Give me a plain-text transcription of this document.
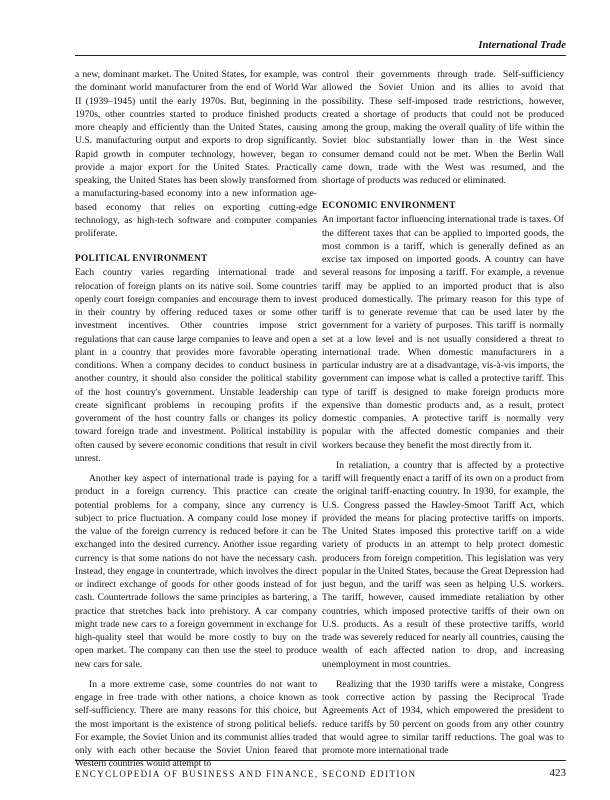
International Trade

a new, dominant market. The United States, for example, was the dominant world manufacturer from the end of World War II (1939–1945) until the early 1970s. But, beginning in the 1970s, other countries started to produce finished products more cheaply and efficiently than the United States, causing U.S. manufacturing output and exports to drop significantly. Rapid growth in computer technology, however, began to provide a major export for the United States. Practically speaking, the United States has been slowly transformed from a manufacturing-based economy into a new information age-based economy that relies on exporting cutting-edge technology, as high-tech software and computer companies proliferate.

POLITICAL ENVIRONMENT

Each country varies regarding international trade and relocation of foreign plants on its native soil. Some countries openly court foreign companies and encourage them to invest in their country by offering reduced taxes or some other investment incentives. Other countries impose strict regulations that can cause large companies to leave and open a plant in a country that provides more favorable operating conditions. When a company decides to conduct business in another country, it should also consider the political stability of the host country's government. Unstable leadership can create significant problems in recouping profits if the government of the host country falls or changes its policy toward foreign trade and investment. Political instability is often caused by severe economic conditions that result in civil unrest.

Another key aspect of international trade is paying for a product in a foreign currency. This practice can create potential problems for a company, since any currency is subject to price fluctuation. A company could lose money if the value of the foreign currency is reduced before it can be exchanged into the desired currency. Another issue regarding currency is that some nations do not have the necessary cash. Instead, they engage in countertrade, which involves the direct or indirect exchange of goods for other goods instead of for cash. Countertrade follows the same principles as bartering, a practice that stretches back into prehistory. A car company might trade new cars to a foreign government in exchange for high-quality steel that would be more costly to buy on the open market. The company can then use the steel to produce new cars for sale.

In a more extreme case, some countries do not want to engage in free trade with other nations, a choice known as self-sufficiency. There are many reasons for this choice, but the most important is the existence of strong political beliefs. For example, the Soviet Union and its communist allies traded only with each other because the Soviet Union feared that Western countries would attempt to

control their governments through trade. Self-sufficiency allowed the Soviet Union and its allies to avoid that possibility. These self-imposed trade restrictions, however, created a shortage of products that could not be produced among the group, making the overall quality of life within the Soviet bloc substantially lower than in the West since consumer demand could not be met. When the Berlin Wall came down, trade with the West was resumed, and the shortage of products was reduced or eliminated.

ECONOMIC ENVIRONMENT

An important factor influencing international trade is taxes. Of the different taxes that can be applied to imported goods, the most common is a tariff, which is generally defined as an excise tax imposed on imported goods. A country can have several reasons for imposing a tariff. For example, a revenue tariff may be applied to an imported product that is also produced domestically. The primary reason for this type of tariff is to generate revenue that can be used later by the government for a variety of purposes. This tariff is normally set at a low level and is not usually considered a threat to international trade. When domestic manufacturers in a particular industry are at a disadvantage, vis-à-vis imports, the government can impose what is called a protective tariff. This type of tariff is designed to make foreign products more expensive than domestic products and, as a result, protect domestic companies. A protective tariff is normally very popular with the affected domestic companies and their workers because they benefit the most directly from it.

In retaliation, a country that is affected by a protective tariff will frequently enact a tariff of its own on a product from the original tariff-enacting country. In 1930, for example, the U.S. Congress passed the Hawley-Smoot Tariff Act, which provided the means for placing protective tariffs on imports. The United States imposed this protective tariff on a wide variety of products in an attempt to help protect domestic producers from foreign competition. This legislation was very popular in the United States, because the Great Depression had just begun, and the tariff was seen as helping U.S. workers. The tariff, however, caused immediate retaliation by other countries, which imposed protective tariffs of their own on U.S. products. As a result of these protective tariffs, world trade was severely reduced for nearly all countries, causing the wealth of each affected nation to drop, and increasing unemployment in most countries.

Realizing that the 1930 tariffs were a mistake, Congress took corrective action by passing the Reciprocal Trade Agreements Act of 1934, which empowered the president to reduce tariffs by 50 percent on goods from any other country that would agree to similar tariff reductions. The goal was to promote more international trade

ENCYCLOPEDIA OF BUSINESS AND FINANCE, SECOND EDITION	423
